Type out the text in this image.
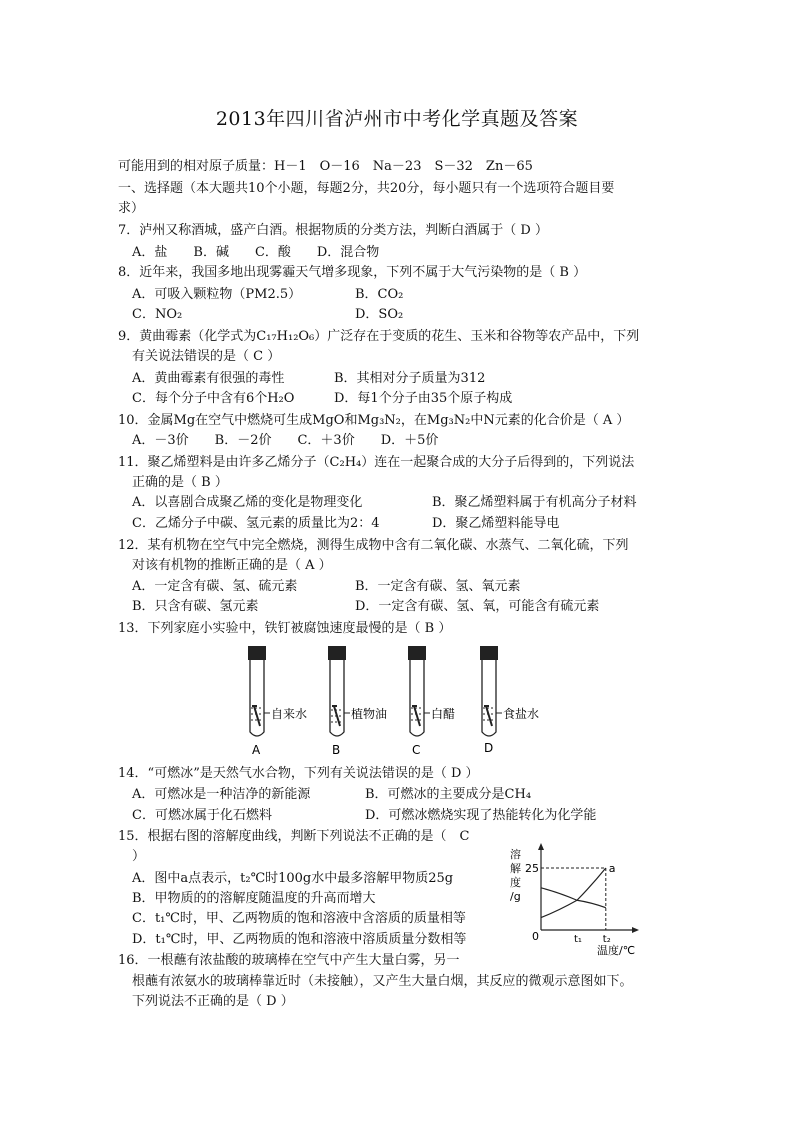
2013年四川省泸州市中考化学真题及答案
可能用到的相对原子质量：H－1　O－16　Na－23　S－32　Zn－65
一、选择题（本大题共10个小题，每题2分，共20分，每小题只有一个选项符合题目要
求）
7．泸州又称酒城，盛产白酒。根据物质的分类方法，判断白酒属于（ D ）
A．盐　　B．碱　　C．酸　　D．混合物
8．近年来，我国多地出现雾霾天气增多现象，下列不属于大气污染物的是（ B ）
A．可吸入颗粒物（PM2.5）	B．CO₂
C．NO₂	D．SO₂
9．黄曲霉素（化学式为C₁₇H₁₂O₆）广泛存在于变质的花生、玉米和谷物等农产品中，下列
有关说法错误的是（ C ）
A．黄曲霉素有很强的毒性	B．其相对分子质量为312
C．每个分子中含有6个H₂O	D．每1个分子由35个原子构成
10．金属Mg在空气中燃烧可生成MgO和Mg₃N₂，在Mg₃N₂中N元素的化合价是（ A ）
A．－3价　　B．－2价　　C．＋3价　　D．＋5价
11．聚乙烯塑料是由许多乙烯分子（C₂H₄）连在一起聚合成的大分子后得到的，下列说法
正确的是（ B ）
A．以喜剧合成聚乙烯的变化是物理变化	B．聚乙烯塑料属于有机高分子材料
C．乙烯分子中碳、氢元素的质量比为2：4	D．聚乙烯塑料能导电
12．某有机物在空气中完全燃烧，测得生成物中含有二氧化碳、水蒸气、二氧化硫，下列
对该有机物的推断正确的是（ A ）
A．一定含有碳、氢、硫元素	B．一定含有碳、氢、氧元素
B．只含有碳、氢元素	D．一定含有碳、氢、氧，可能含有硫元素
13．下列家庭小实验中，铁钉被腐蚀速度最慢的是（ B ）
自来水
A
植物油
B
白醋
C
食盐水
D
14．“可燃冰”是天然气水合物，下列有关说法错误的是（ D ）
A．可燃冰是一种洁净的新能源	B．可燃冰的主要成分是CH₄
C．可燃冰属于化石燃料	D．可燃冰燃烧实现了热能转化为化学能
15．根据右图的溶解度曲线，判断下列说法不正确的是（　C
）
A．图中a点表示，t₂℃时100g水中最多溶解甲物质25g
B．甲物质的的溶解度随温度的升高而增大
C．t₁℃时，甲、乙两物质的饱和溶液中含溶质的质量相等
D．t₁℃时，甲、乙两物质的饱和溶液中溶质质量分数相等
溶
解
度
/g
25
0
a
t₁ t₂
温度/℃
16．一根蘸有浓盐酸的玻璃棒在空气中产生大量白雾，另一
根蘸有浓氨水的玻璃棒靠近时（未接触），又产生大量白烟，其反应的微观示意图如下。
下列说法不正确的是（ D ）
